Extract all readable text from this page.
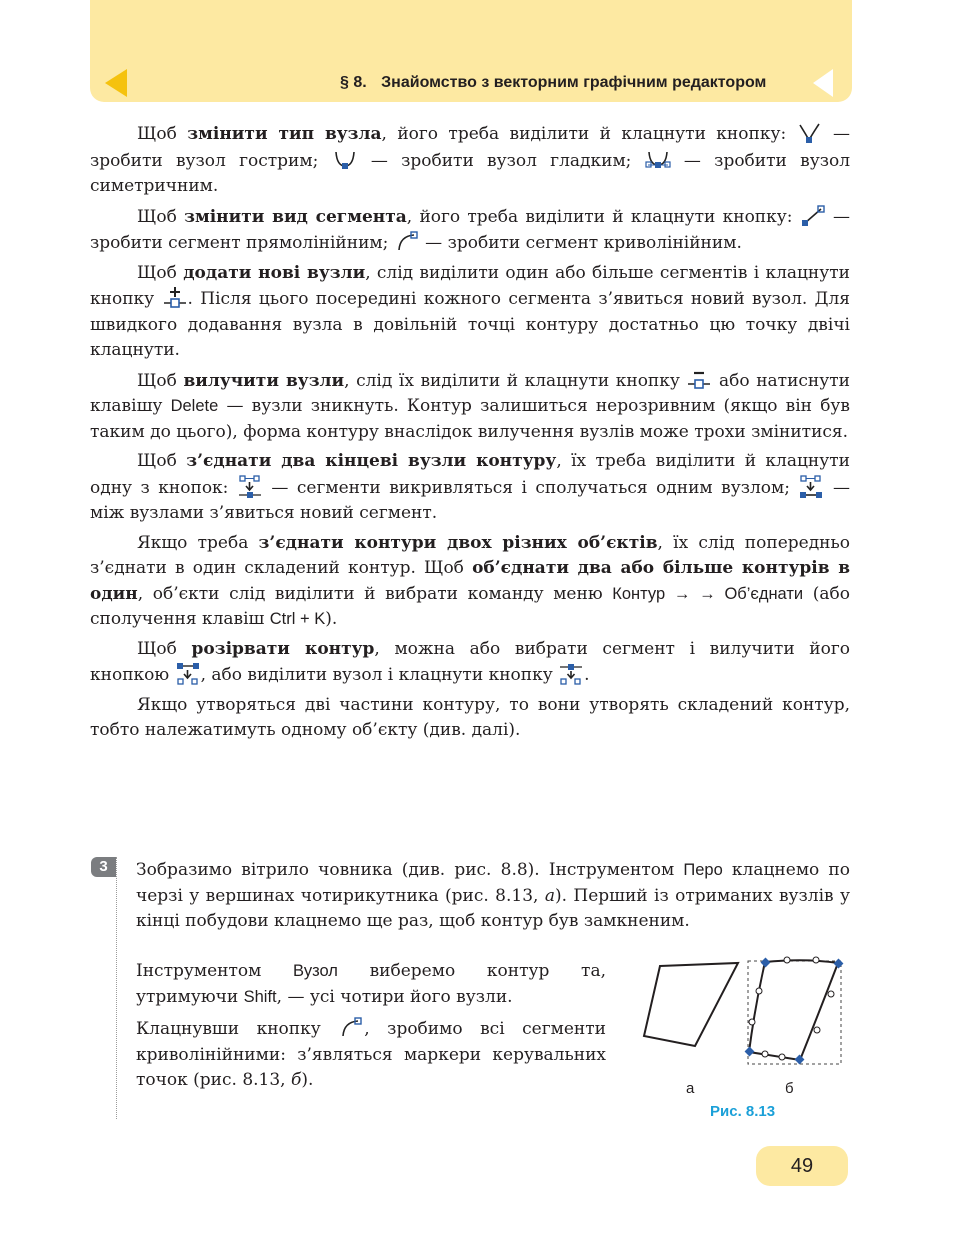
§ 8. Знайомство з векторним графічним редактором

Щоб змінити тип вузла, його треба виділити й клацнути кнопку:
— зробити вузол гострим;
— зробити вузол гладким;
— зробити вузол симетричним.

Щоб змінити вид сегмента, його треба виділити й клацнути кнопку:
— зробити сегмент прямолінійним;
— зробити сегмент криволінійним.

Щоб додати нові вузли, слід виділити один або більше сегментів і клацнути кнопку
. Після цього посередині кожного сегмента з’явиться новий вузол. Для швидкого додавання вузла в довільній точці контуру достатньо цю точку двічі клацнути.

Щоб вилучити вузли, слід їх виділити й клацнути кнопку
або натиснути клавішу Delete — вузли зникнуть. Контур залишиться нерозривним (якщо він був таким до цього), форма контуру внаслідок вилучення вузлів може трохи змінитися.

Щоб з’єднати два кінцеві вузли контуру, їх треба виділити й клацнути одну з кнопок:
— сегменти викривляться і сполучаться одним вузлом;
— між вузлами з’явиться новий сегмент.

Якщо треба з’єднати контури двох різних об’єктів, їх слід попередньо з’єднати в один складений контур. Щоб об’єднати два або більше контурів в один, об’єкти слід виділити й вибрати команду меню Контур → → Об’єднати (або сполучення клавіш Ctrl + K).

Щоб розірвати контур, можна або вибрати сегмент і вилучити його кнопкою
, або виділити вузол і клацнути кнопку
.

Якщо утворяться дві частини контуру, то вони утворять складений контур, тобто належатимуть одному об’єкту (див. далі).

3	Зобразимо вітрило човника (див. рис. 8.8). Інструментом Перо клацнемо по черзі у вершинах чотирикутника (рис. 8.13, а). Перший із отриманих вузлів у кінці побудови клацнемо ще раз, щоб контур був замкненим.

Інструментом Вузол виберемо контур та, утримуючи Shift, — усі чотири його вузли.

Клацнувши кнопку
, зробимо всі сегменти криволінійними: з’являться маркери керувальних точок (рис. 8.13, б).	а	б
Рис. 8.13
49
